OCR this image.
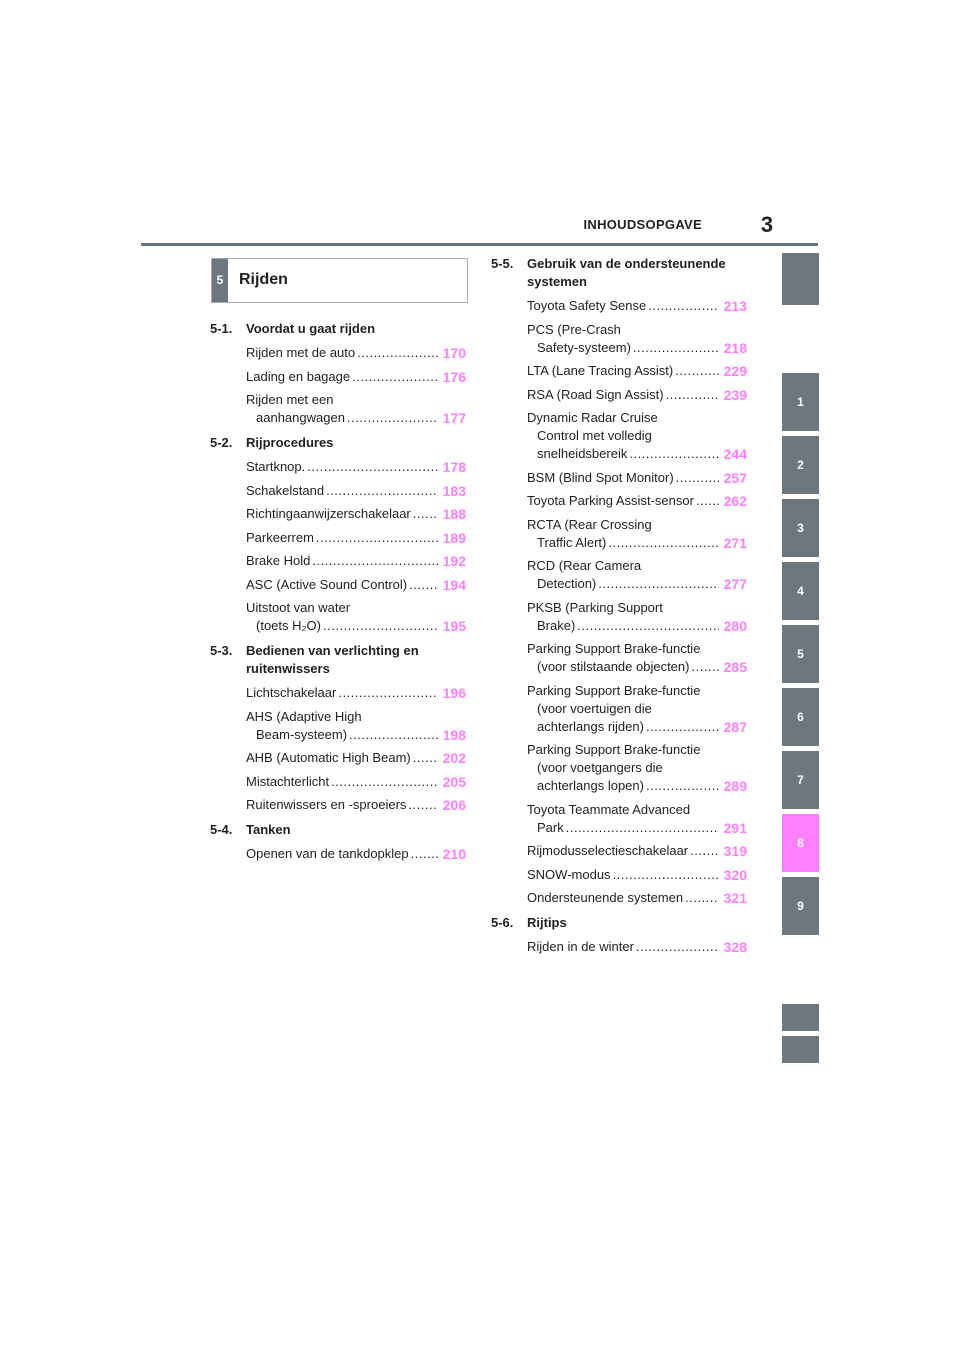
INHOUDSOPGAVE	3
1
2
3
4
5
6
7
8
9
5 Rijden
5-1.	Voordat u gaat rijden
Rijden met de auto .....	170
Lading en bagage .....	176
Rijden met een
aanhangwagen .....	177
5-2.	Rijprocedures
Startknop. .....	178
Schakelstand .....	183
Richtingaanwijzerschakelaar ..... 188
Parkeerrem .....	189
Brake Hold .....	192
ASC (Active Sound Control) .....	194
Uitstoot van water
(toets H₂O) .....	195
5-3.	Bedienen van verlichting en ruitenwissers
Lichtschakelaar .....	196
AHS (Adaptive High
Beam-systeem) .....	198
AHB (Automatic High Beam) ..... 202
Mistachterlicht .....	205
Ruitenwissers en -sproeiers .....	206
5-4.	Tanken
Openen van de tankdopklep ..... 210
5-5.	Gebruik van de ondersteunende systemen
Toyota Safety Sense .....	213
PCS (Pre-Crash
Safety-systeem) .....	218
LTA (Lane Tracing Assist) .....	229
RSA (Road Sign Assist) .....	239
Dynamic Radar Cruise
Control met volledig
snelheidsbereik .....	244
BSM (Blind Spot Monitor) .....	257
Toyota Parking Assist-sensor ..... 262
RCTA (Rear Crossing
Traffic Alert) .....	271
RCD (Rear Camera
Detection) .....	277
PKSB (Parking Support
Brake) .....	280
Parking Support Brake-functie
(voor stilstaande objecten) ..... 285
Parking Support Brake-functie
(voor voertuigen die
achterlangs rijden) .....	287
Parking Support Brake-functie
(voor voetgangers die
achterlangs lopen) .....	289
Toyota Teammate Advanced
Park .....	291
Rijmodusselectieschakelaar .....	319
SNOW-modus .....	320
Ondersteunende systemen .....	321
5-6.	Rijtips
Rijden in de winter .....	328
